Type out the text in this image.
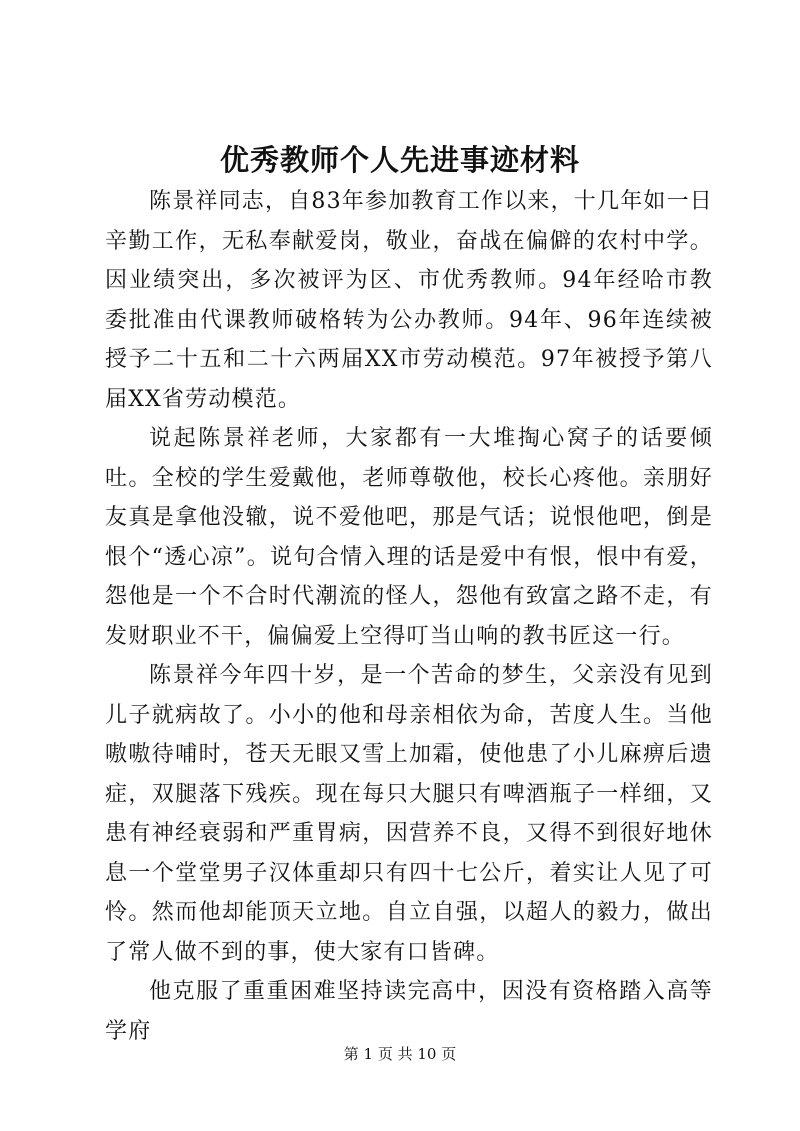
优秀教师个人先进事迹材料

陈景祥同志，自83年参加教育工作以来，十几年如一日辛勤工作，无私奉献爱岗，敬业，奋战在偏僻的农村中学。因业绩突出，多次被评为区、市优秀教师。94年经哈市教委批准由代课教师破格转为公办教师。94年、96年连续被授予二十五和二十六两届XX市劳动模范。97年被授予第八届XX省劳动模范。

说起陈景祥老师，大家都有一大堆掏心窝子的话要倾吐。全校的学生爱戴他，老师尊敬他，校长心疼他。亲朋好友真是拿他没辙，说不爱他吧，那是气话；说恨他吧，倒是恨个“透心凉”。说句合情入理的话是爱中有恨，恨中有爱，怨他是一个不合时代潮流的怪人，怨他有致富之路不走，有发财职业不干，偏偏爱上空得叮当山响的教书匠这一行。

陈景祥今年四十岁，是一个苦命的梦生，父亲没有见到儿子就病故了。小小的他和母亲相依为命，苦度人生。当他嗷嗷待哺时，苍天无眼又雪上加霜，使他患了小儿麻痹后遗症，双腿落下残疾。现在每只大腿只有啤酒瓶子一样细，又患有神经衰弱和严重胃病，因营养不良，又得不到很好地休息一个堂堂男子汉体重却只有四十七公斤，着实让人见了可怜。然而他却能顶天立地。自立自强，以超人的毅力，做出了常人做不到的事，使大家有口皆碑。

他克服了重重困难坚持读完高中，因没有资格踏入高等学府

第 1 页 共 10 页
